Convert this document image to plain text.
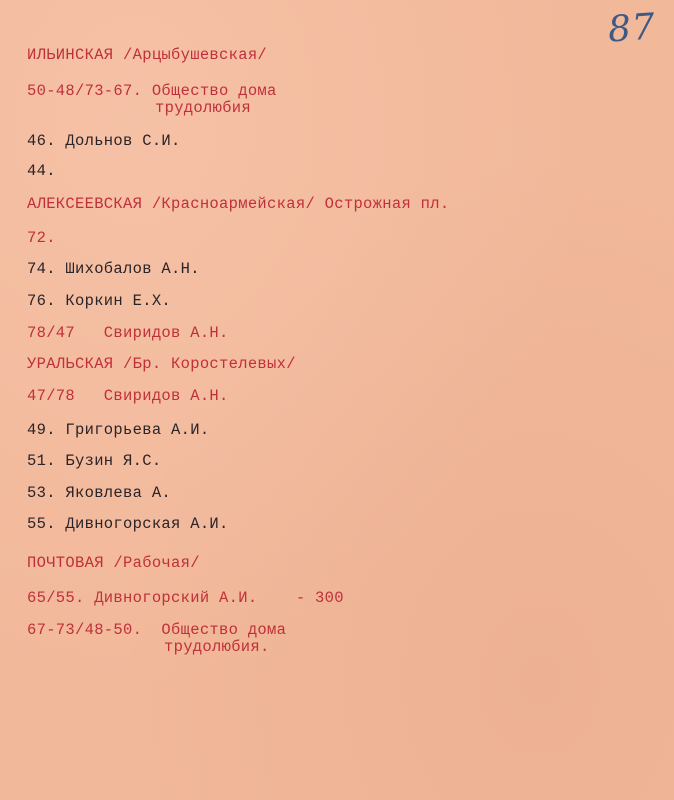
87
ИЛЬИНСКАЯ /Арцыбушевская/
50-48/73-67. Общество дома
трудолюбия
46. Дольнов С.И.
44.
АЛЕКСЕЕВСКАЯ /Красноармейская/ Острожная пл.
72.
74. Шихобалов А.Н.
76. Коркин Е.Х.
78/47   Свиридов А.Н.
УРАЛЬСКАЯ /Бр. Коростелевых/
47/78   Свиридов А.Н.
49. Григорьева А.И.
51. Бузин Я.С.
53. Яковлева А.
55. Дивногорская А.И.
ПОЧТОВАЯ /Рабочая/
65/55. Дивногорский А.И.    - 300
67-73/48-50.  Общество дома
трудолюбия.
